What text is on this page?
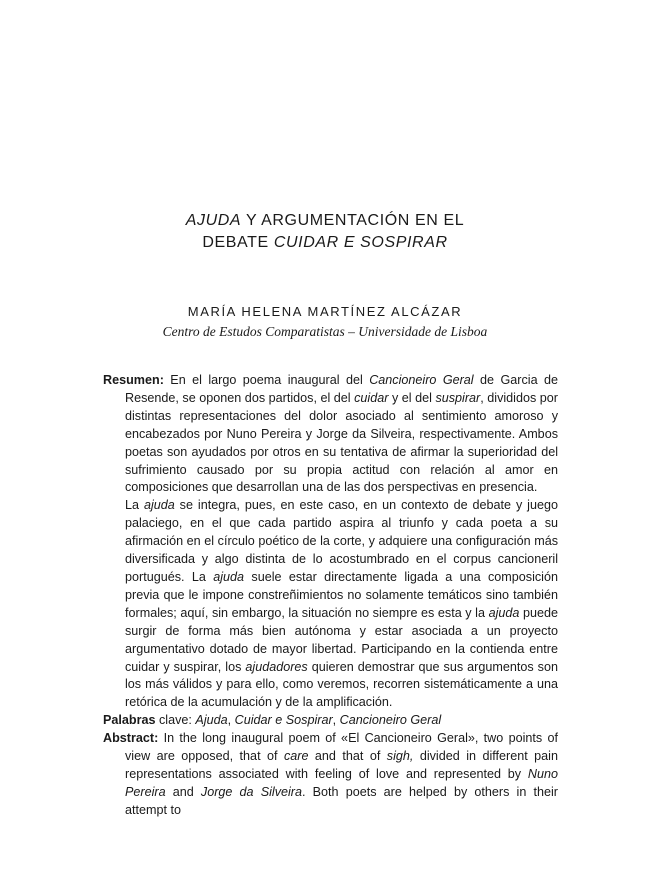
AJUDA Y ARGUMENTACIÓN EN EL
DEBATE CUIDAR E SOSPIRAR
MARÍA HELENA MARTÍNEZ ALCÁZAR
Centro de Estudos Comparatistas – Universidade de Lisboa

Resumen: En el largo poema inaugural del Cancioneiro Geral de Garcia de Resende, se oponen dos partidos, el del cuidar y el del suspirar, divididos por distintas representaciones del dolor asociado al sentimiento amoroso y encabezados por Nuno Pereira y Jorge da Silveira, respectivamente. Ambos poetas son ayudados por otros en su tentativa de afirmar la superioridad del sufrimiento causado por su propia actitud con relación al amor en composiciones que desarrollan una de las dos perspectivas en presencia.

La ajuda se integra, pues, en este caso, en un contexto de debate y juego palaciego, en el que cada partido aspira al triunfo y cada poeta a su afirmación en el círculo poético de la corte, y adquiere una configuración más diversificada y algo distinta de lo acostumbrado en el corpus cancioneril portugués. La ajuda suele estar directamente ligada a una composición previa que le impone constreñimientos no solamente temáticos sino también formales; aquí, sin embargo, la situación no siempre es esta y la ajuda puede surgir de forma más bien autónoma y estar asociada a un proyecto argumentativo dotado de mayor libertad. Participando en la contienda entre cuidar y suspirar, los ajudadores quieren demostrar que sus argumentos son los más válidos y para ello, como veremos, recorren sistemáticamente a una retórica de la acumulación y de la amplificación.

Palabras clave: Ajuda, Cuidar e Sospirar, Cancioneiro Geral

Abstract: In the long inaugural poem of «El Cancioneiro Geral», two points of view are opposed, that of care and that of sigh, divided in different pain representations associated with feeling of love and represented by Nuno Pereira and Jorge da Silveira. Both poets are helped by others in their attempt to
